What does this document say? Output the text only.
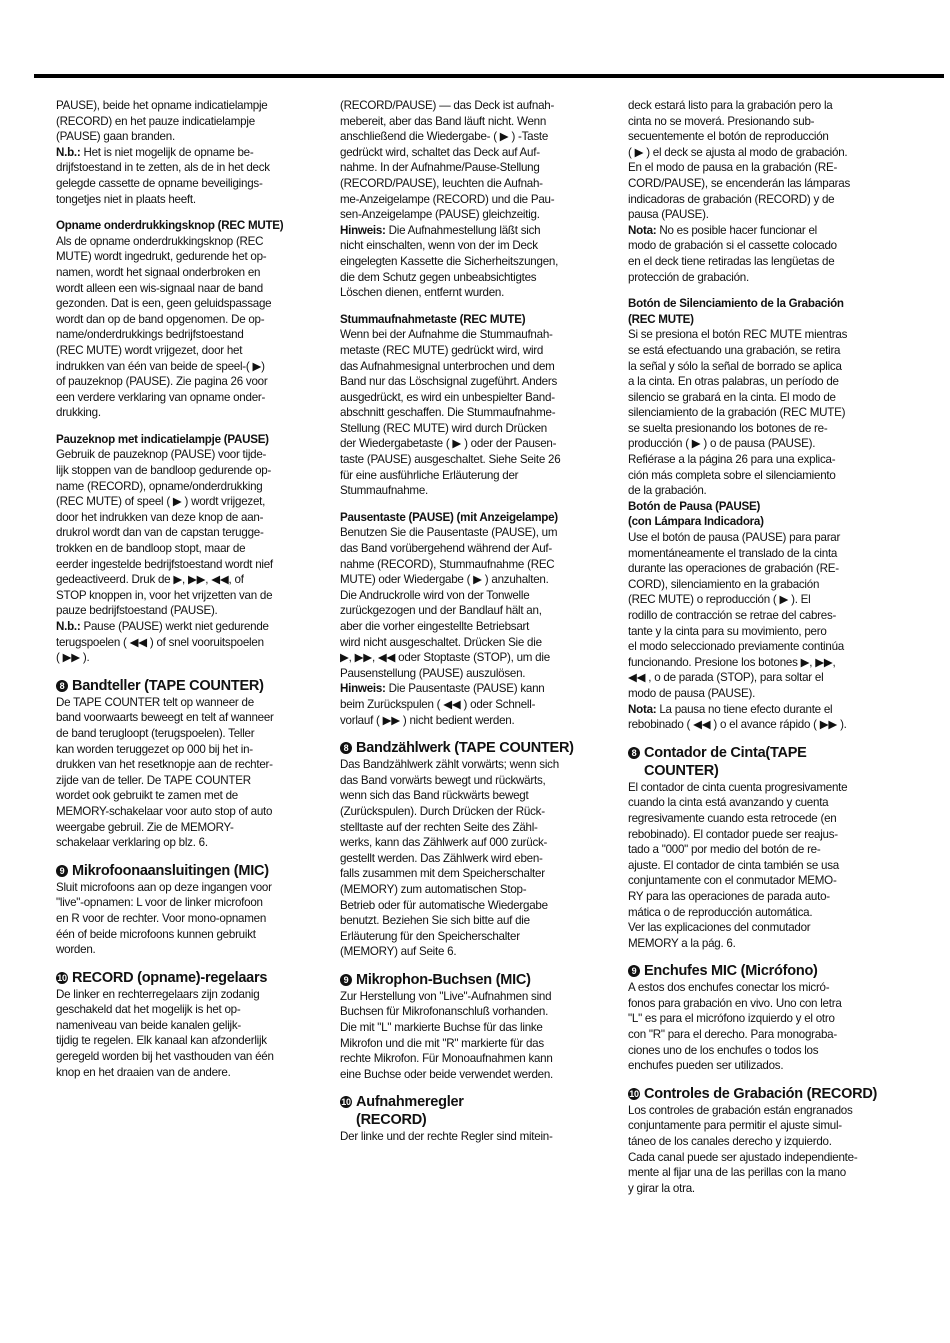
PAUSE), beide het opname indicatielampje
(RECORD) en het pauze indicatielampje
(PAUSE) gaan branden.

N.b.: Het is niet mogelijk de opname be-
drijfstoestand in te zetten, als de in het deck
gelegde cassette de opname beveiligings-
tongetjes niet in plaats heeft.

Opname onderdrukkingsknop (REC MUTE)

Als de opname onderdrukkingsknop (REC
MUTE) wordt ingedrukt, gedurende het op-
namen, wordt het signaal onderbroken en
wordt alleen een wis-signaal naar de band
gezonden. Dat is een, geen geluidspassage
wordt dan op de band opgenomen. De op-
name/onderdrukkings bedrijfstoestand
(REC MUTE) wordt vrijgezet, door het
indrukken van één van beide de speel-( ▶)
of pauzeknop (PAUSE). Zie pagina 26 voor
een verdere verklaring van opname onder-
drukking.

Pauzeknop met indicatielampje (PAUSE)

Gebruik de pauzeknop (PAUSE) voor tijde-
lijk stoppen van de bandloop gedurende op-
name (RECORD), opname/onderdrukking
(REC MUTE) of speel ( ▶ ) wordt vrijgezet,
door het indrukken van deze knop de aan-
drukrol wordt dan van de capstan terugge-
trokken en de bandloop stopt, maar de
eerder ingestelde bedrijfstoestand wordt nief
gedeactiveerd. Druk de ▶, ▶▶, ◀◀, of
STOP knoppen in, voor het vrijzetten van de
pauze bedrijfstoestand (PAUSE).

N.b.: Pause (PAUSE) werkt niet gedurende
terugspoelen ( ◀◀ ) of snel vooruitspoelen
( ▶▶ ).

8 Bandteller (TAPE COUNTER)

De TAPE COUNTER telt op wanneer de
band voorwaarts beweegt en telt af wanneer
de band terugloopt (terugspoelen). Teller
kan worden teruggezet op 000 bij het in-
drukken van het resetknopje aan de rechter-
zijde van de teller. De TAPE COUNTER
wordet ook gebruikt te zamen met de
MEMORY-schakelaar voor auto stop of auto
weergabe gebruil. Zie de MEMORY-
schakelaar verklaring op blz. 6.

9 Mikrofoonaansluitingen (MIC)

Sluit microfoons aan op deze ingangen voor
"live"-opnamen: L voor de linker microfoon
en R voor de rechter. Voor mono-opnamen
één of beide microfoons kunnen gebruikt
worden.

10 RECORD (opname)-regelaars

De linker en rechterregelaars zijn zodanig
geschakeld dat het mogelijk is het op-
nameniveau van beide kanalen gelijk-
tijdig te regelen. Elk kanaal kan afzonderlijk
geregeld worden bij het vasthouden van één
knop en het draaien van de andere.

(RECORD/PAUSE) — das Deck ist aufnah-
mebereit, aber das Band läuft nicht. Wenn
anschließend die Wiedergabe- ( ▶ ) -Taste
gedrückt wird, schaltet das Deck auf Auf-
nahme. In der Aufnahme/Pause-Stellung
(RECORD/PAUSE), leuchten die Aufnah-
me-Anzeigelampe (RECORD) und die Pau-
sen-Anzeigelampe (PAUSE) gleichzeitig.

Hinweis: Die Aufnahmestellung läßt sich
nicht einschalten, wenn von der im Deck
eingelegten Kassette die Sicherheitszungen,
die dem Schutz gegen unbeabsichtigtes
Löschen dienen, entfernt wurden.

Stummaufnahmetaste (REC MUTE)

Wenn bei der Aufnahme die Stummaufnah-
metaste (REC MUTE) gedrückt wird, wird
das Aufnahmesignal unterbrochen und dem
Band nur das Löschsignal zugeführt. Anders
ausgedrückt, es wird ein unbespielter Band-
abschnitt geschaffen. Die Stummaufnahme-
Stellung (REC MUTE) wird durch Drücken
der Wiedergabetaste ( ▶ ) oder der Pausen-
taste (PAUSE) ausgeschaltet. Siehe Seite 26
für eine ausführliche Erläuterung der
Stummaufnahme.

Pausentaste (PAUSE) (mit Anzeigelampe)

Benutzen Sie die Pausentaste (PAUSE), um
das Band vorübergehend während der Auf-
nahme (RECORD), Stummaufnahme (REC
MUTE) oder Wiedergabe ( ▶ ) anzuhalten.
Die Andruckrolle wird von der Tonwelle
zurückgezogen und der Bandlauf hält an,
aber die vorher eingestellte Betriebsart
wird nicht ausgeschaltet. Drücken Sie die
▶, ▶▶, ◀◀ oder Stoptaste (STOP), um die
Pausenstellung (PAUSE) auszulösen.

Hinweis: Die Pausentaste (PAUSE) kann
beim Zurückspulen ( ◀◀ ) oder Schnell-
vorlauf ( ▶▶ ) nicht bedient werden.

8 Bandzählwerk (TAPE COUNTER)

Das Bandzählwerk zählt vorwärts; wenn sich
das Band vorwärts bewegt und rückwärts,
wenn sich das Band rückwärts bewegt
(Zurückspulen). Durch Drücken der Rück-
stelltaste auf der rechten Seite des Zähl-
werks, kann das Zählwerk auf 000 zurück-
gestellt werden. Das Zählwerk wird eben-
falls zusammen mit dem Speicherschalter
(MEMORY) zum automatischen Stop-
Betrieb oder für automatische Wiedergabe
benutzt. Beziehen Sie sich bitte auf die
Erläuterung für den Speicherschalter
(MEMORY) auf Seite 6.

9 Mikrophon-Buchsen (MIC)

Zur Herstellung von "Live"-Aufnahmen sind
Buchsen für Mikrofonanschluß vorhanden.
Die mit "L" markierte Buchse für das linke
Mikrofon und die mit "R" markierte für das
rechte Mikrofon. Für Monoaufnahmen kann
eine Buchse oder beide verwendet werden.

10 Aufnahmeregler
(RECORD)

Der linke und der rechte Regler sind mitein-

deck estará listo para la grabación pero la
cinta no se moverá. Presionando sub-
secuentemente el botón de reproducción
( ▶ ) el deck se ajusta al modo de grabación.
En el modo de pausa en la grabación (RE-
CORD/PAUSE), se encenderán las lámparas
indicadoras de grabación (RECORD) y de
pausa (PAUSE).

Nota: No es posible hacer funcionar el
modo de grabación si el cassette colocado
en el deck tiene retiradas las lengüetas de
protección de grabación.

Botón de Silenciamiento de la Grabación
(REC MUTE)

Si se presiona el botón REC MUTE mientras
se está efectuando una grabación, se retira
la señal y sólo la señal de borrado se aplica
a la cinta. En otras palabras, un período de
silencio se grabará en la cinta. El modo de
silenciamiento de la grabación (REC MUTE)
se suelta presionando los botones de re-
producción ( ▶ ) o de pausa (PAUSE).
Refiérase a la página 26 para una explica-
ción más completa sobre el silenciamiento
de la grabación.

Botón de Pausa (PAUSE)
(con Lámpara Indicadora)

Use el botón de pausa (PAUSE) para parar
momentáneamente el translado de la cinta
durante las operaciones de grabación (RE-
CORD), silenciamiento en la grabación
(REC MUTE) o reproducción ( ▶ ). El
rodillo de contracción se retrae del cabres-
tante y la cinta para su movimiento, pero
el modo seleccionado previamente continúa
funcionando. Presione los botones ▶, ▶▶,
◀◀ , o de parada (STOP), para soltar el
modo de pausa (PAUSE).

Nota: La pausa no tiene efecto durante el
rebobinado ( ◀◀ ) o el avance rápido ( ▶▶ ).

8 Contador de Cinta(TAPE COUNTER)

El contador de cinta cuenta progresivamente
cuando la cinta está avanzando y cuenta
regresivamente cuando esta retrocede (en
rebobinado). El contador puede ser reajus-
tado a "000" por medio del botón de re-
ajuste. El contador de cinta también se usa
conjuntamente con el conmutador MEMO-
RY para las operaciones de parada auto-
mática o de reproducción automática.
Ver las explicaciones del conmutador
MEMORY a la pág. 6.

9 Enchufes MIC (Micrófono)

A estos dos enchufes conectar los micró-
fonos para grabación en vivo. Uno con letra
"L" es para el micrófono izquierdo y el otro
con "R" para el derecho. Para monograba-
ciones uno de los enchufes o todos los
enchufes pueden ser utilizados.

10 Controles de Grabación (RECORD)

Los controles de grabación están engranados
conjuntamente para permitir el ajuste simul-
táneo de los canales derecho y izquierdo.
Cada canal puede ser ajustado independiente-
mente al fijar una de las perillas con la mano
y girar la otra.
